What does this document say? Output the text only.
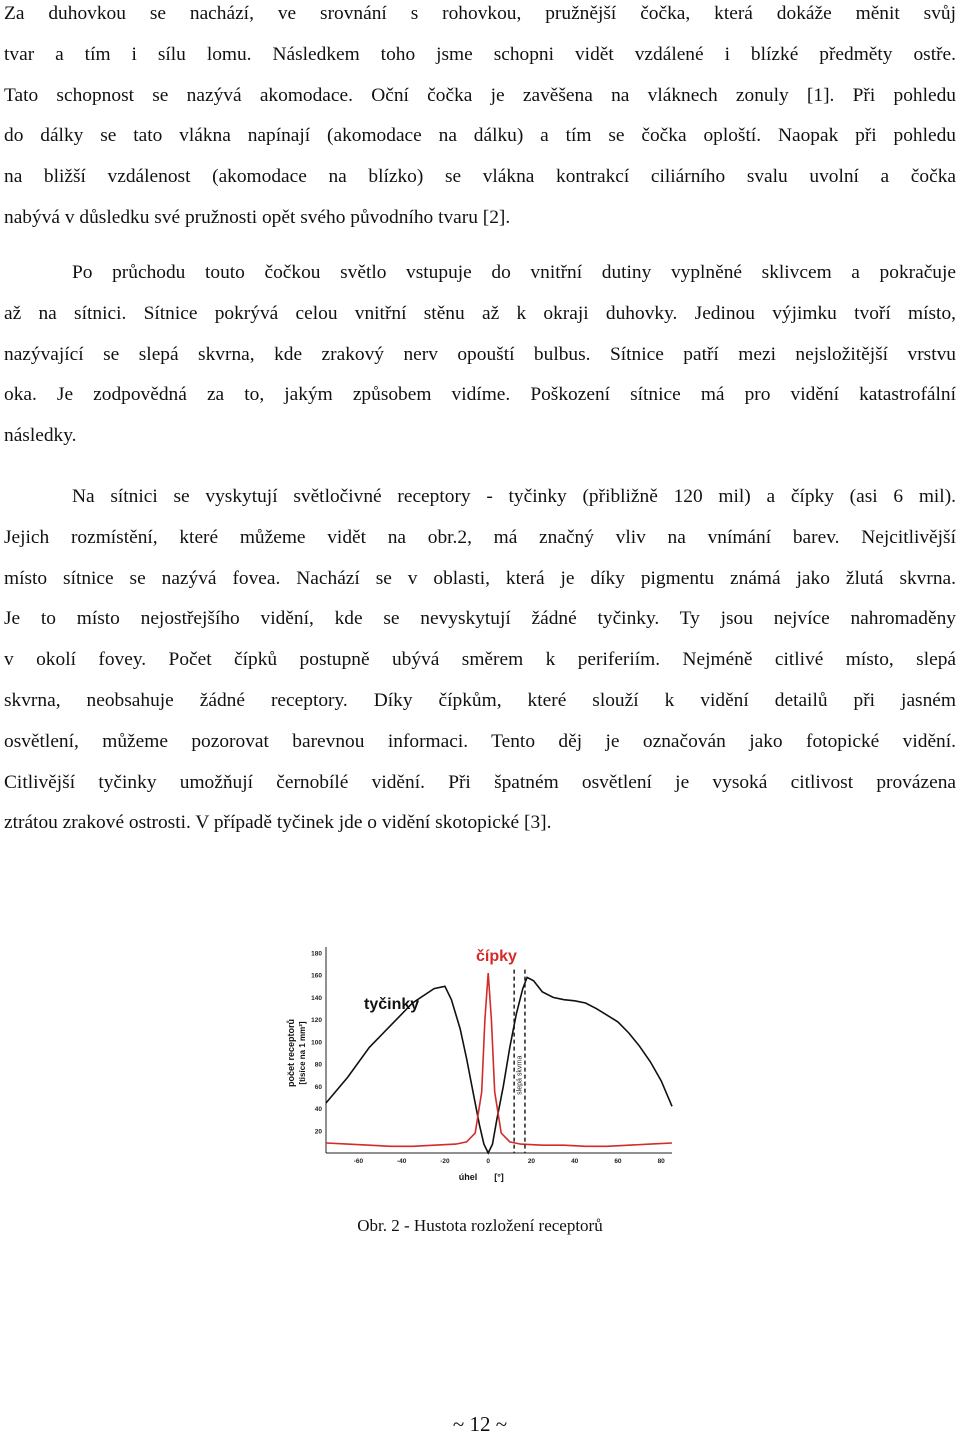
Za duhovkou se nachází, ve srovnání s rohovkou, pružnější čočka, která dokáže měnit svůj
tvar a tím i sílu lomu. Následkem toho jsme schopni vidět vzdálené i blízké předměty ostře.
Tato schopnost se nazývá akomodace. Oční čočka je zavěšena na vláknech zonuly [1]. Při pohledu
do dálky se tato vlákna napínají (akomodace na dálku) a tím se čočka oploští. Naopak při pohledu
na bližší vzdálenost (akomodace na blízko) se vlákna kontrakcí ciliárního svalu uvolní a čočka
nabývá v důsledku své pružnosti opět svého původního tvaru [2].
Po průchodu touto čočkou světlo vstupuje do vnitřní dutiny vyplněné sklivcem a pokračuje
až na sítnici. Sítnice pokrývá celou vnitřní stěnu až k okraji duhovky. Jedinou výjimku tvoří místo,
nazývající se slepá skvrna, kde zrakový nerv opouští bulbus. Sítnice patří mezi nejsložitější vrstvu
oka. Je zodpovědná za to, jakým způsobem vidíme. Poškození sítnice má pro vidění katastrofální
následky.
Na sítnici se vyskytují světločivné receptory - tyčinky (přibližně 120 mil) a čípky (asi 6 mil).
Jejich rozmístění, které můžeme vidět na obr.2, má značný vliv na vnímání barev. Nejcitlivější
místo sítnice se nazývá fovea. Nachází se v oblasti, která je díky pigmentu známá jako žlutá skvrna.
Je to místo nejostřejšího vidění, kde se nevyskytují žádné tyčinky. Ty jsou nejvíce nahromaděny
v okolí fovey. Počet čípků postupně ubývá směrem k periferiím. Nejméně citlivé místo, slepá
skvrna, neobsahuje žádné receptory. Díky čípkům, které slouží k vidění detailů při jasném
osvětlení, můžeme pozorovat barevnou informaci. Tento děj je označován jako fotopické vidění.
Citlivější tyčinky umožňují černobílé vidění. Při špatném osvětlení je vysoká citlivost provázena
ztrátou zrakové ostrosti. V případě tyčinek jde o vidění skotopické [3].
20
40
60
80
100
120
140
160
180
-60	-40	-20	0	20	40	60	80
slepá skvrna
tyčinky
čípky
počet receptorů [tisíce na 1 mm²]
úhel [°]
Obr. 2 - Hustota rozložení receptorů
~ 12 ~
